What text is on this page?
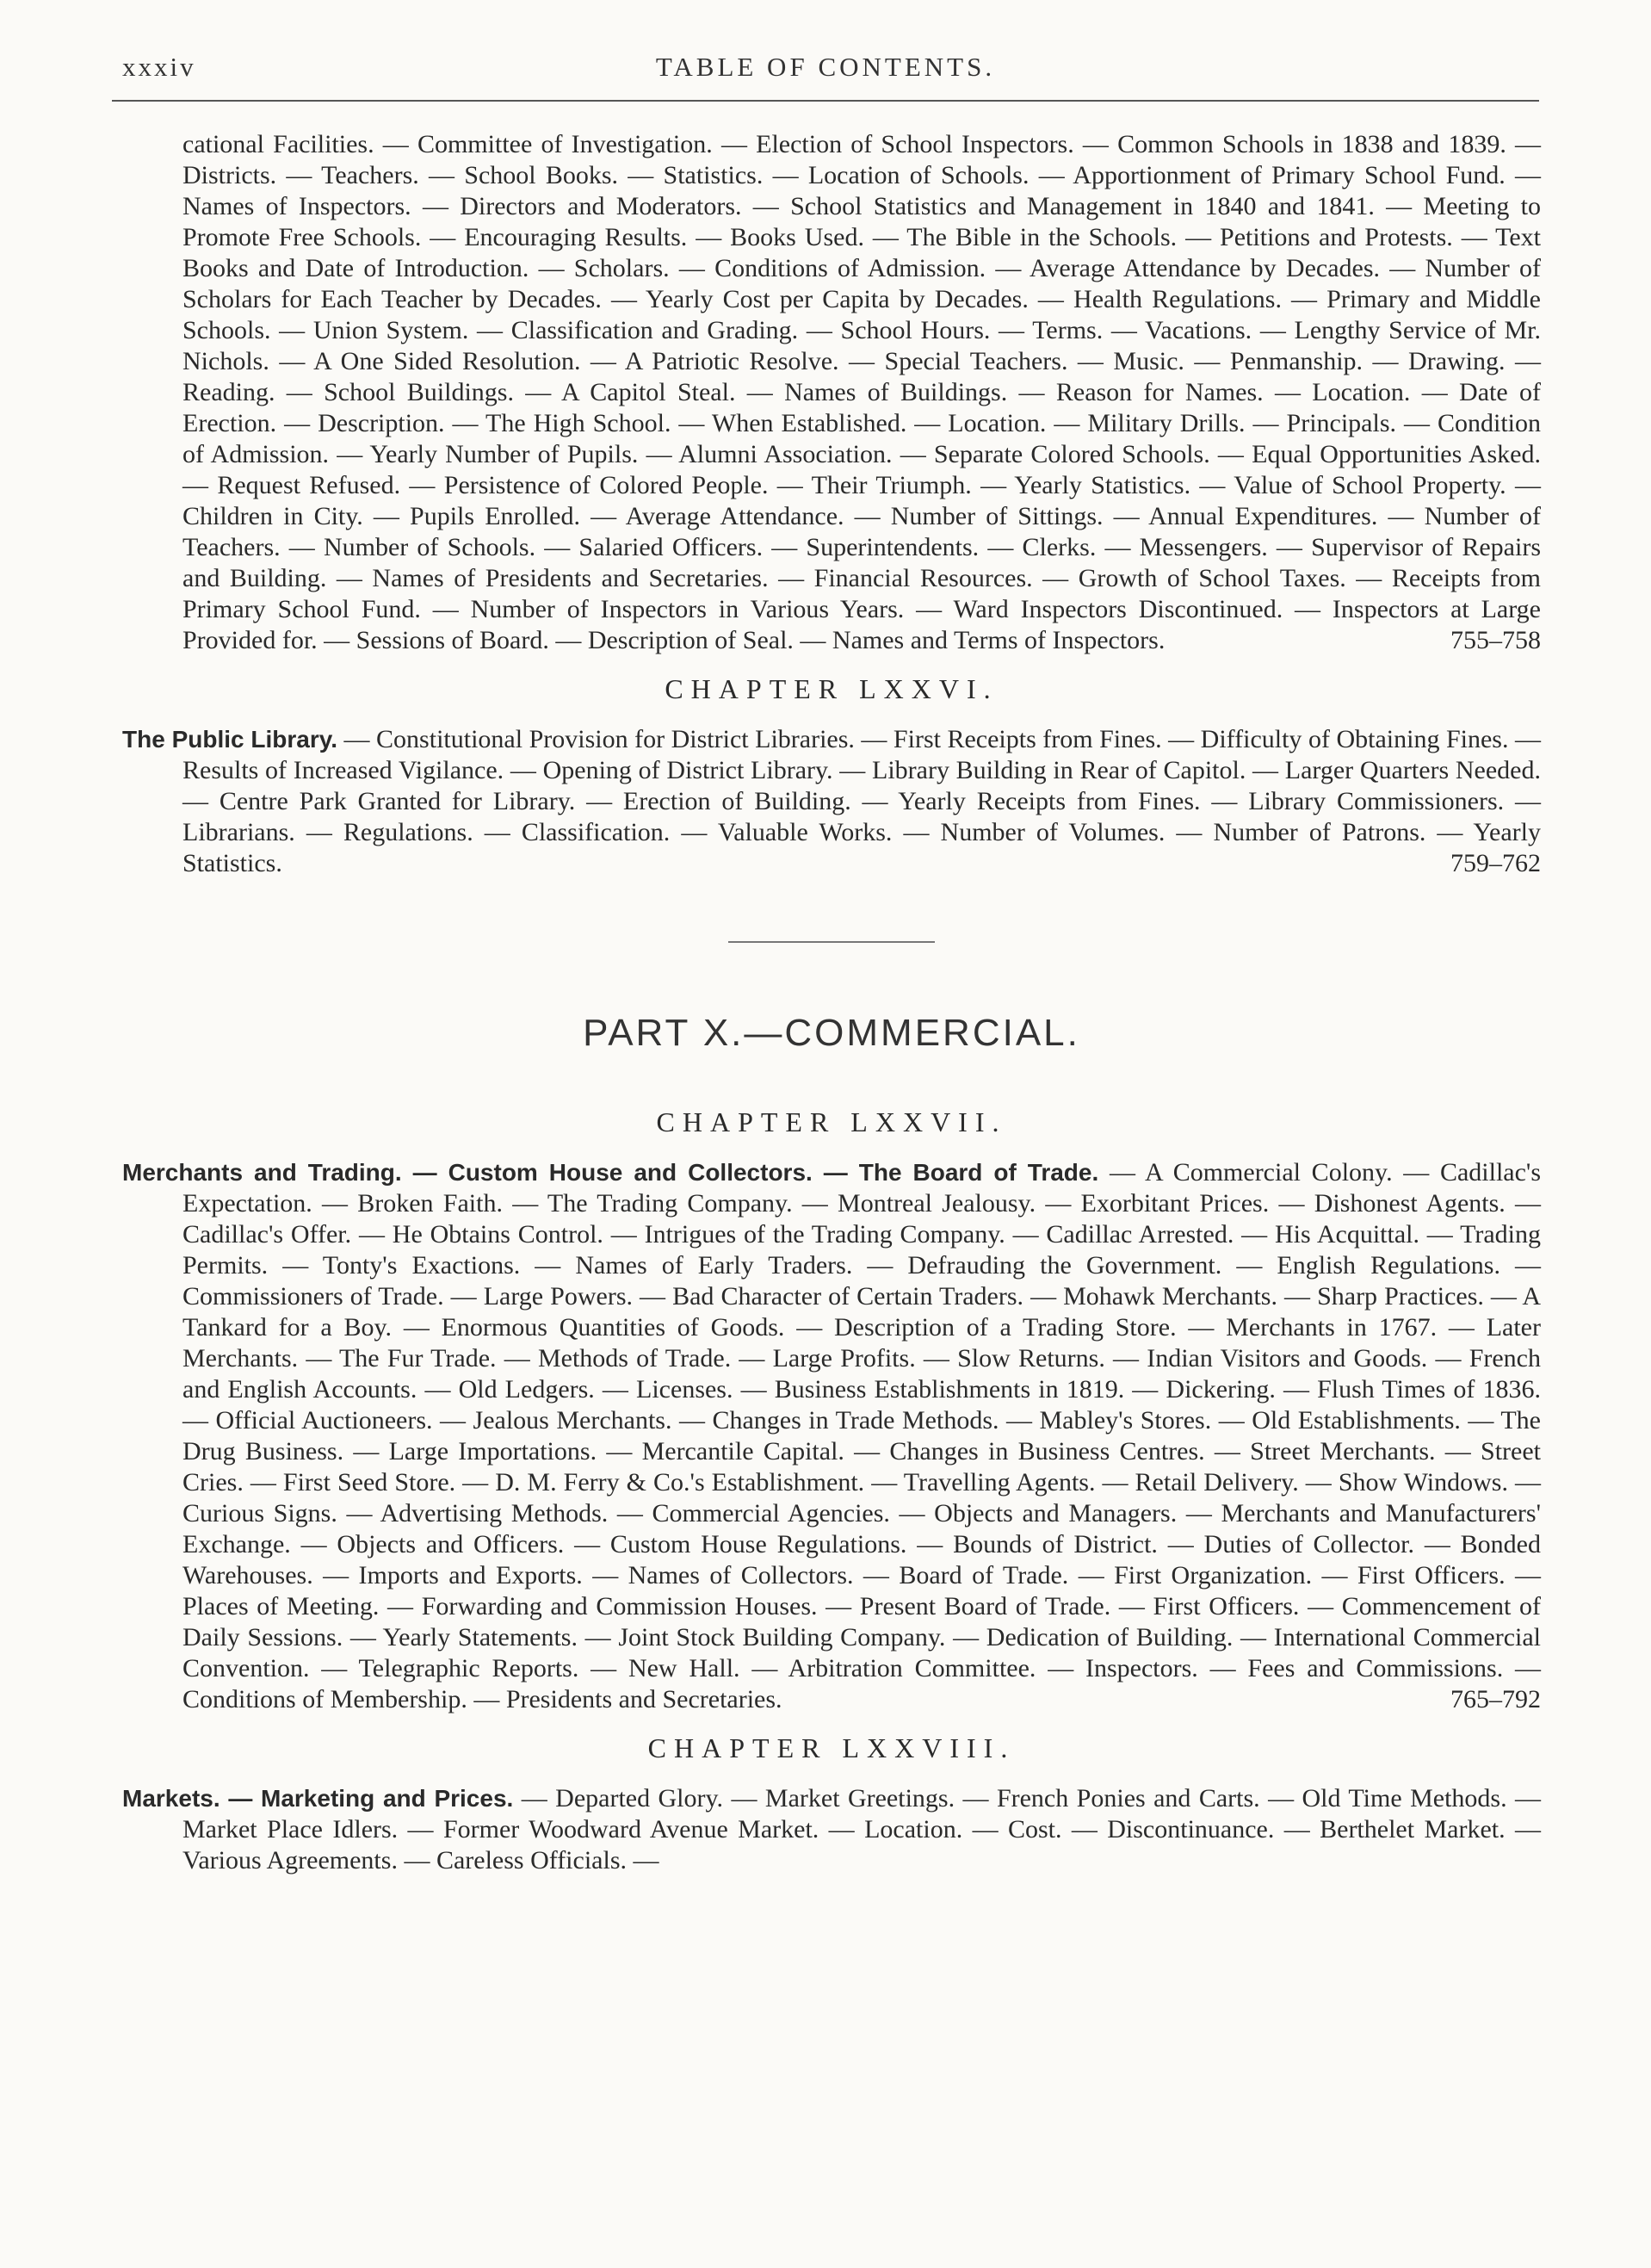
xxxiv	TABLE OF CONTENTS.
cational Facilities. — Committee of Investigation. — Election of School Inspectors. — Common Schools in 1838 and 1839. — Districts. — Teachers. — School Books. — Statistics. — Location of Schools. — Apportionment of Primary School Fund. — Names of Inspectors. — Directors and Moderators. — School Statistics and Management in 1840 and 1841. — Meeting to Promote Free Schools. — Encouraging Results. — Books Used. — The Bible in the Schools. — Petitions and Protests. — Text Books and Date of Introduction. — Scholars. — Conditions of Admission. — Average Attendance by Decades. — Number of Scholars for Each Teacher by Decades. — Yearly Cost per Capita by Decades. — Health Regulations. — Primary and Middle Schools. — Union System. — Classification and Grading. — School Hours. — Terms. — Vacations. — Lengthy Service of Mr. Nichols. — A One Sided Resolution. — A Patriotic Resolve. — Special Teachers. — Music. — Penmanship. — Drawing. — Reading. — School Buildings. — A Capitol Steal. — Names of Buildings. — Reason for Names. — Location. — Date of Erection. — Description. — The High School. — When Established. — Location. — Military Drills. — Principals. — Condition of Admission. — Yearly Number of Pupils. — Alumni Association. — Separate Colored Schools. — Equal Opportunities Asked. — Request Refused. — Persistence of Colored People. — Their Triumph. — Yearly Statistics. — Value of School Property. — Children in City. — Pupils Enrolled. — Average Attendance. — Number of Sittings. — Annual Expenditures. — Number of Teachers. — Number of Schools. — Salaried Officers. — Superintendents. — Clerks. — Messengers. — Supervisor of Repairs and Building. — Names of Presidents and Secretaries. — Financial Resources. — Growth of School Taxes. — Receipts from Primary School Fund. — Number of Inspectors in Various Years. — Ward Inspectors Discontinued. — Inspectors at Large Provided for. — Sessions of Board. — Description of Seal. — Names and Terms of Inspectors.	755–758
CHAPTER LXXVI.
The Public Library. — Constitutional Provision for District Libraries. — First Receipts from Fines. — Difficulty of Obtaining Fines. — Results of Increased Vigilance. — Opening of District Library. — Library Building in Rear of Capitol. — Larger Quarters Needed. — Centre Park Granted for Library. — Erection of Building. — Yearly Receipts from Fines. — Library Commissioners. — Librarians. — Regulations. — Classification. — Valuable Works. — Number of Volumes. — Number of Patrons. — Yearly Statistics.	759–762
PART X.—COMMERCIAL.
CHAPTER LXXVII.
Merchants and Trading. — Custom House and Collectors. — The Board of Trade. — A Commercial Colony. — Cadillac's Expectation. — Broken Faith. — The Trading Company. — Montreal Jealousy. — Exorbitant Prices. — Dishonest Agents. — Cadillac's Offer. — He Obtains Control. — Intrigues of the Trading Company. — Cadillac Arrested. — His Acquittal. — Trading Permits. — Tonty's Exactions. — Names of Early Traders. — Defrauding the Government. — English Regulations. — Commissioners of Trade. — Large Powers. — Bad Character of Certain Traders. — Mohawk Merchants. — Sharp Practices. — A Tankard for a Boy. — Enormous Quantities of Goods. — Description of a Trading Store. — Merchants in 1767. — Later Merchants. — The Fur Trade. — Methods of Trade. — Large Profits. — Slow Returns. — Indian Visitors and Goods. — French and English Accounts. — Old Ledgers. — Licenses. — Business Establishments in 1819. — Dickering. — Flush Times of 1836. — Official Auctioneers. — Jealous Merchants. — Changes in Trade Methods. — Mabley's Stores. — Old Establishments. — The Drug Business. — Large Importations. — Mercantile Capital. — Changes in Business Centres. — Street Merchants. — Street Cries. — First Seed Store. — D. M. Ferry & Co.'s Establishment. — Travelling Agents. — Retail Delivery. — Show Windows. — Curious Signs. — Advertising Methods. — Commercial Agencies. — Objects and Managers. — Merchants and Manufacturers' Exchange. — Objects and Officers. — Custom House Regulations. — Bounds of District. — Duties of Collector. — Bonded Warehouses. — Imports and Exports. — Names of Collectors. — Board of Trade. — First Organization. — First Officers. — Places of Meeting. — Forwarding and Commission Houses. — Present Board of Trade. — First Officers. — Commencement of Daily Sessions. — Yearly Statements. — Joint Stock Building Company. — Dedication of Building. — International Commercial Convention. — Telegraphic Reports. — New Hall. — Arbitration Committee. — Inspectors. — Fees and Commissions. — Conditions of Membership. — Presidents and Secretaries.	765–792
CHAPTER LXXVIII.
Markets. — Marketing and Prices. — Departed Glory. — Market Greetings. — French Ponies and Carts. — Old Time Methods. — Market Place Idlers. — Former Woodward Avenue Market. — Location. — Cost. — Discontinuance. — Berthelet Market. — Various Agreements. — Careless Officials. —
